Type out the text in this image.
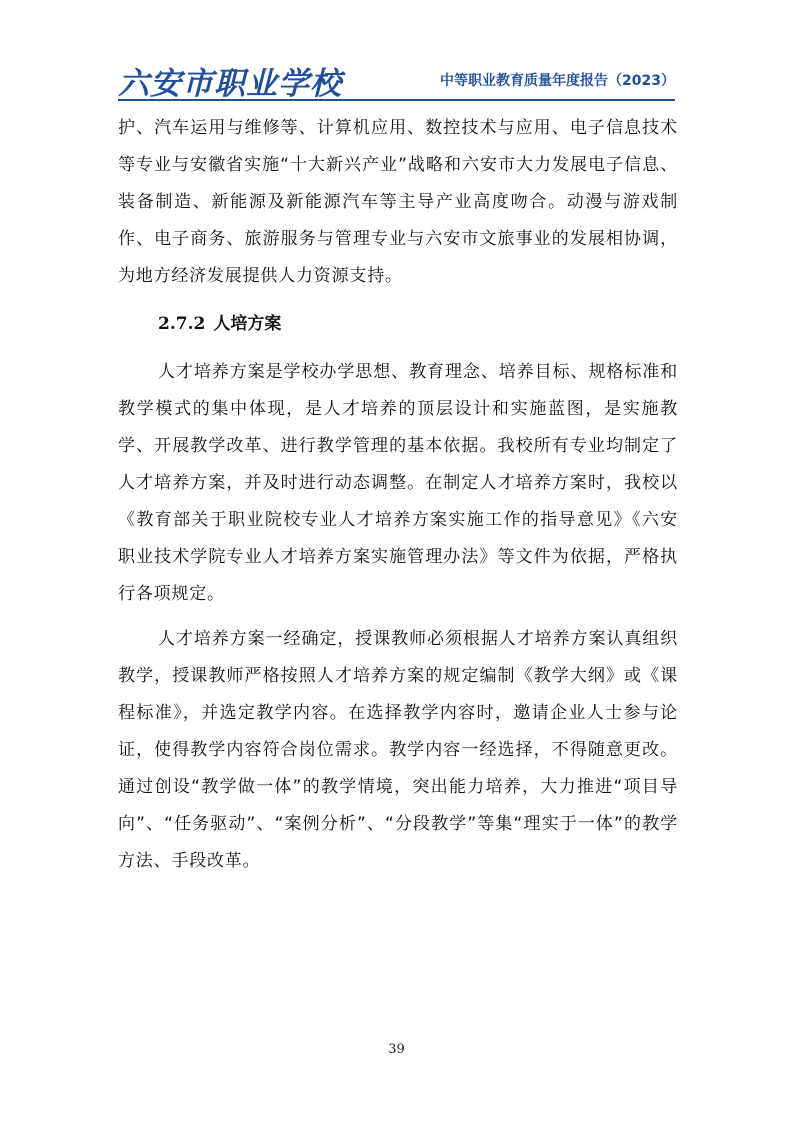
六安市职业学校	中等职业教育质量年度报告（2023）

护、汽车运用与维修等、计算机应用、数控技术与应用、电子信息技术等专业与安徽省实施“十大新兴产业”战略和六安市大力发展电子信息、装备制造、新能源及新能源汽车等主导产业高度吻合。动漫与游戏制作、电子商务、旅游服务与管理专业与六安市文旅事业的发展相协调，为地方经济发展提供人力资源支持。

2.7.2 人培方案

人才培养方案是学校办学思想、教育理念、培养目标、规格标准和教学模式的集中体现，是人才培养的顶层设计和实施蓝图，是实施教学、开展教学改革、进行教学管理的基本依据。我校所有专业均制定了人才培养方案，并及时进行动态调整。在制定人才培养方案时，我校以《教育部关于职业院校专业人才培养方案实施工作的指导意见》《六安职业技术学院专业人才培养方案实施管理办法》等文件为依据，严格执行各项规定。

人才培养方案一经确定，授课教师必须根据人才培养方案认真组织教学，授课教师严格按照人才培养方案的规定编制《教学大纲》或《课程标准》，并选定教学内容。在选择教学内容时，邀请企业人士参与论证，使得教学内容符合岗位需求。教学内容一经选择，不得随意更改。通过创设“教学做一体”的教学情境，突出能力培养，大力推进“项目导向”、“任务驱动”、“案例分析”、“分段教学”等集“理实于一体”的教学方法、手段改革。

39
